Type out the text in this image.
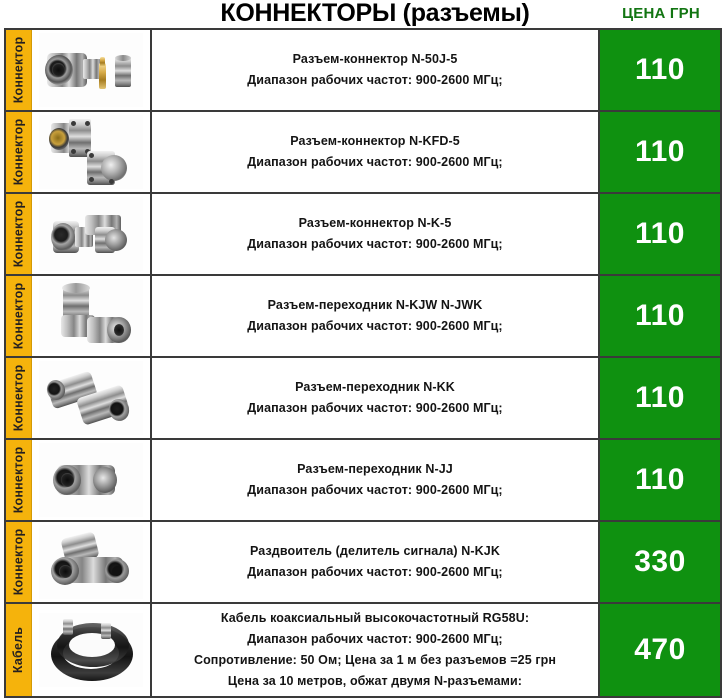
КОННЕКТОРЫ (разъемы)	ЦЕНА ГРН
Коннектор	Разъем-коннектор N-50J-5
Диапазон рабочих частот: 900-2600 МГц;	110
Коннектор	Разъем-коннектор N-KFD-5
Диапазон рабочих частот: 900-2600 МГц;	110
Коннектор	Разъем-коннектор N-K-5
Диапазон рабочих частот: 900-2600 МГц;	110
Коннектор	Разъем-переходник N-KJW N-JWK
Диапазон рабочих частот: 900-2600 МГц;	110
Коннектор	Разъем-переходник N-KK
Диапазон рабочих частот: 900-2600 МГц;	110
Коннектор	Разъем-переходник N-JJ
Диапазон рабочих частот: 900-2600 МГц;	110
Коннектор	Раздвоитель (делитель сигнала) N-KJK
Диапазон рабочих частот: 900-2600 МГц;	330
Кабель
Кабель коаксиальный высокочастотный RG58U:
Диапазон рабочих частот: 900-2600 МГц;
Сопротивление: 50 Ом; Цена за 1 м без разъемов =25 грн
Цена за 10 метров, обжат двумя N-разъемами:
470
